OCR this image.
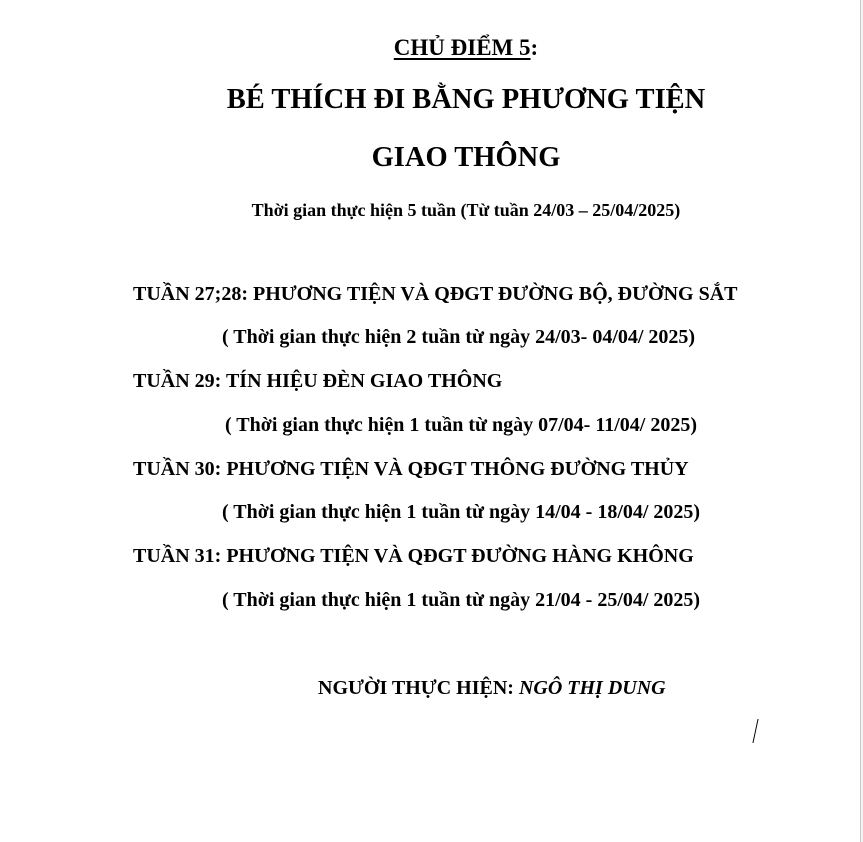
CHỦ ĐIỂM 5:
BÉ THÍCH ĐI BẰNG PHƯƠNG TIỆN
GIAO THÔNG
Thời gian thực hiện 5 tuần (Từ tuần 24/03 – 25/04/2025)
TUẦN 27;28: PHƯƠNG TIỆN VÀ QĐGT ĐƯỜNG BỘ, ĐƯỜNG SẮT
( Thời gian thực hiện 2 tuần từ ngày 24/03- 04/04/ 2025)
TUẦN 29: TÍN HIỆU ĐÈN GIAO THÔNG
( Thời gian thực hiện 1 tuần từ ngày 07/04- 11/04/ 2025)
TUẦN 30: PHƯƠNG TIỆN VÀ QĐGT THÔNG ĐƯỜNG THỦY
( Thời gian thực hiện 1 tuần từ ngày 14/04 - 18/04/ 2025)
TUẦN 31: PHƯƠNG TIỆN VÀ QĐGT ĐƯỜNG HÀNG KHÔNG
( Thời gian thực hiện 1 tuần từ ngày 21/04 - 25/04/ 2025)
NGƯỜI THỰC HIỆN: NGÔ THỊ DUNG
